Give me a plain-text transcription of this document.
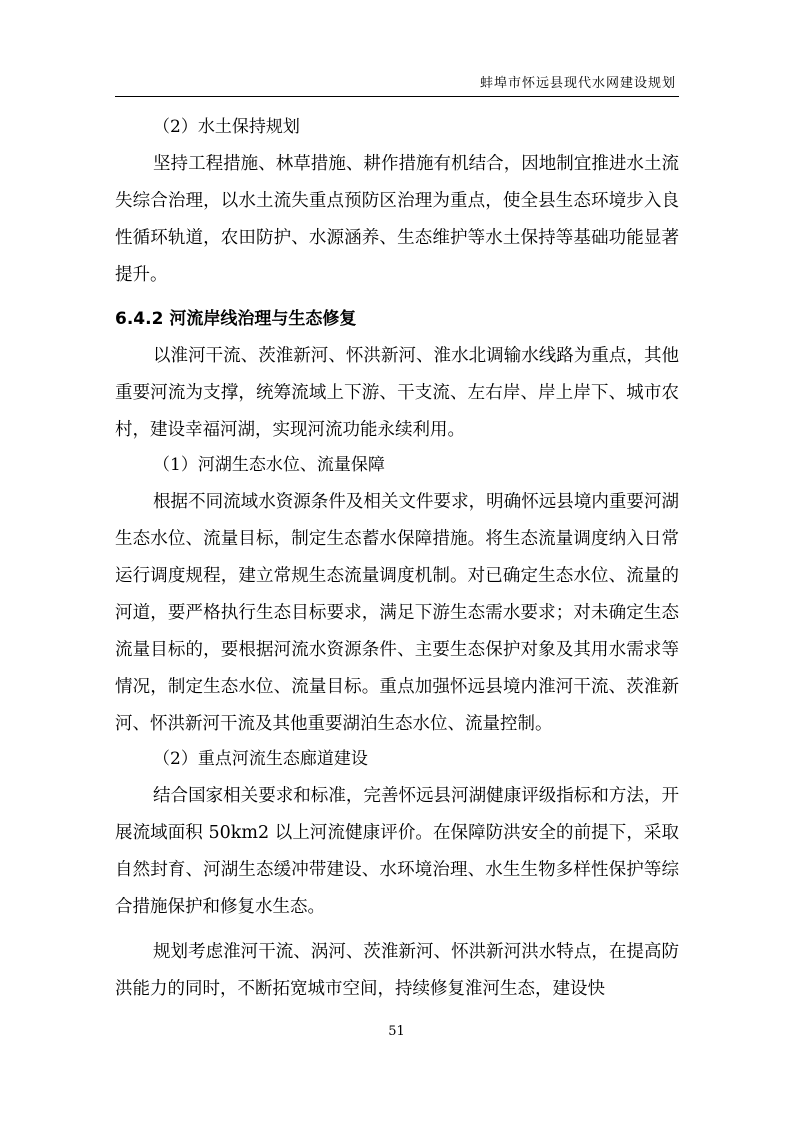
蚌埠市怀远县现代水网建设规划
（2）水土保持规划

坚持工程措施、林草措施、耕作措施有机结合，因地制宜推进水土流失综合治理，以水土流失重点预防区治理为重点，使全县生态环境步入良性循环轨道，农田防护、水源涵养、生态维护等水土保持等基础功能显著提升。

6.4.2 河流岸线治理与生态修复

以淮河干流、茨淮新河、怀洪新河、淮水北调输水线路为重点，其他重要河流为支撑，统筹流域上下游、干支流、左右岸、岸上岸下、城市农村，建设幸福河湖，实现河流功能永续利用。

（1）河湖生态水位、流量保障

根据不同流域水资源条件及相关文件要求，明确怀远县境内重要河湖生态水位、流量目标，制定生态蓄水保障措施。将生态流量调度纳入日常运行调度规程，建立常规生态流量调度机制。对已确定生态水位、流量的河道，要严格执行生态目标要求，满足下游生态需水要求；对未确定生态流量目标的，要根据河流水资源条件、主要生态保护对象及其用水需求等情况，制定生态水位、流量目标。重点加强怀远县境内淮河干流、茨淮新河、怀洪新河干流及其他重要湖泊生态水位、流量控制。

（2）重点河流生态廊道建设

结合国家相关要求和标准，完善怀远县河湖健康评级指标和方法，开展流域面积 50km2 以上河流健康评价。在保障防洪安全的前提下，采取自然封育、河湖生态缓冲带建设、水环境治理、水生生物多样性保护等综合措施保护和修复水生态。

规划考虑淮河干流、涡河、茨淮新河、怀洪新河洪水特点，在提高防洪能力的同时，不断拓宽城市空间，持续修复淮河生态，建设快

51
